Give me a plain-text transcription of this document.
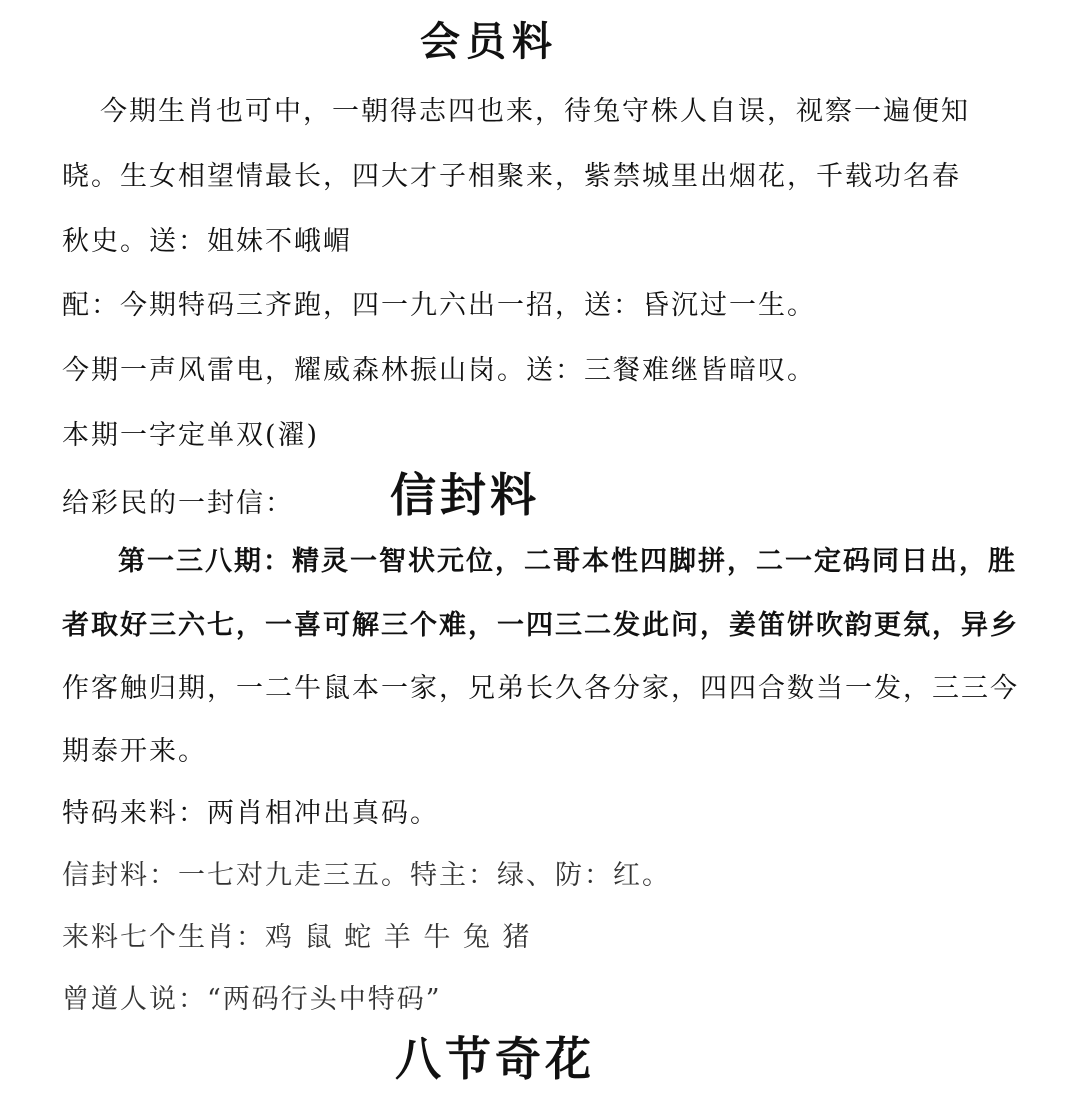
会员料
今期生肖也可中，一朝得志四也来，待兔守株人自误，视察一遍便知
晓。生女相望情最长，四大才子相聚来，紫禁城里出烟花，千载功名春
秋史。送：姐妹不峨嵋
配：今期特码三齐跑，四一九六出一招，送：昏沉过一生。
今期一声风雷电，耀威森林振山岗。送：三餐难继皆暗叹。
本期一字定单双(濯)
给彩民的一封信： 信封料
第一三八期：精灵一智状元位，二哥本性四脚拼，二一定码同日出，胜
者取好三六七，一喜可解三个难，一四三二发此问，姜笛饼吹韵更氛，异乡
作客触归期，一二牛鼠本一家，兄弟长久各分家，四四合数当一发，三三今
期泰开来。
特码来料：两肖相冲出真码。
信封料：一七对九走三五。特主：绿、防：红。
来料七个生肖：鸡 鼠 蛇 羊 牛 兔 猪
曾道人说：“两码行头中特码”
八节奇花
